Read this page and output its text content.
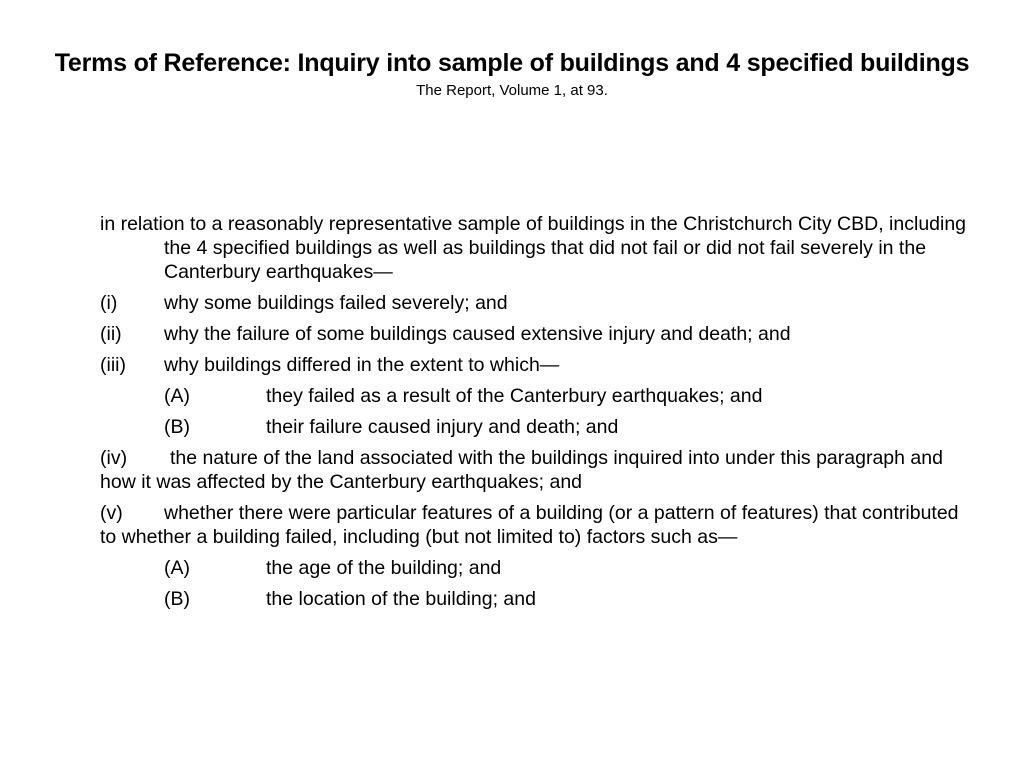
Terms of Reference: Inquiry into sample of buildings and 4 specified buildings
The Report, Volume 1, at 93.
in relation to a reasonably representative sample of buildings in the Christchurch City CBD, including the 4 specified buildings as well as buildings that did not fail or did not fail severely in the Canterbury earthquakes—
(i) why some buildings failed severely; and
(ii) why the failure of some buildings caused extensive injury and death; and
(iii) why buildings differed in the extent to which—
(A)	they failed as a result of the Canterbury earthquakes; and
(B)	their failure caused injury and death; and
(iv) the nature of the land associated with the buildings inquired into under this paragraph and how it was affected by the Canterbury earthquakes; and
(v) whether there were particular features of a building (or a pattern of features) that contributed to whether a building failed, including (but not limited to) factors such as—
(A)	the age of the building; and
(B)	the location of the building; and
